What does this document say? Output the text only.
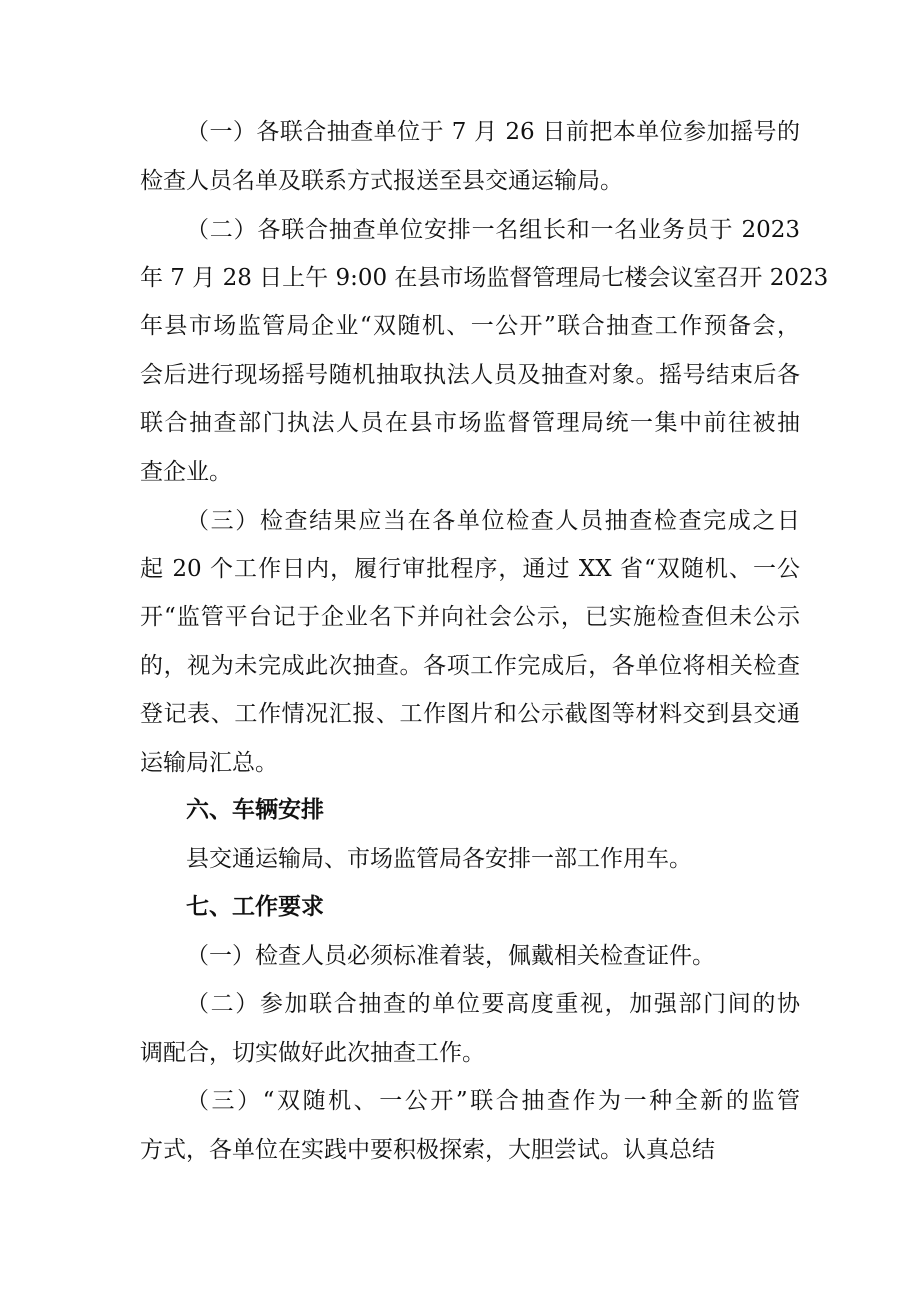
（一）各联合抽查单位于 7 月 26 日前把本单位参加摇号的
检查人员名单及联系方式报送至县交通运输局。
（二）各联合抽查单位安排一名组长和一名业务员于 2023
年 7 月 28 日上午 9:00 在县市场监督管理局七楼会议室召开 2023
年县市场监管局企业“双随机、一公开”联合抽查工作预备会，
会后进行现场摇号随机抽取执法人员及抽查对象。摇号结束后各
联合抽查部门执法人员在县市场监督管理局统一集中前往被抽
查企业。
（三）检查结果应当在各单位检查人员抽查检查完成之日
起 20 个工作日内，履行审批程序，通过 XX 省“双随机、一公
开“监管平台记于企业名下并向社会公示，已实施检查但未公示
的，视为未完成此次抽查。各项工作完成后，各单位将相关检查
登记表、工作情况汇报、工作图片和公示截图等材料交到县交通
运输局汇总。
六、车辆安排
县交通运输局、市场监管局各安排一部工作用车。
七、工作要求
（一）检查人员必须标准着装，佩戴相关检查证件。
（二）参加联合抽查的单位要高度重视，加强部门间的协
调配合，切实做好此次抽查工作。
（三）“双随机、一公开”联合抽查作为一种全新的监管
方式，各单位在实践中要积极探索，大胆尝试。认真总结
